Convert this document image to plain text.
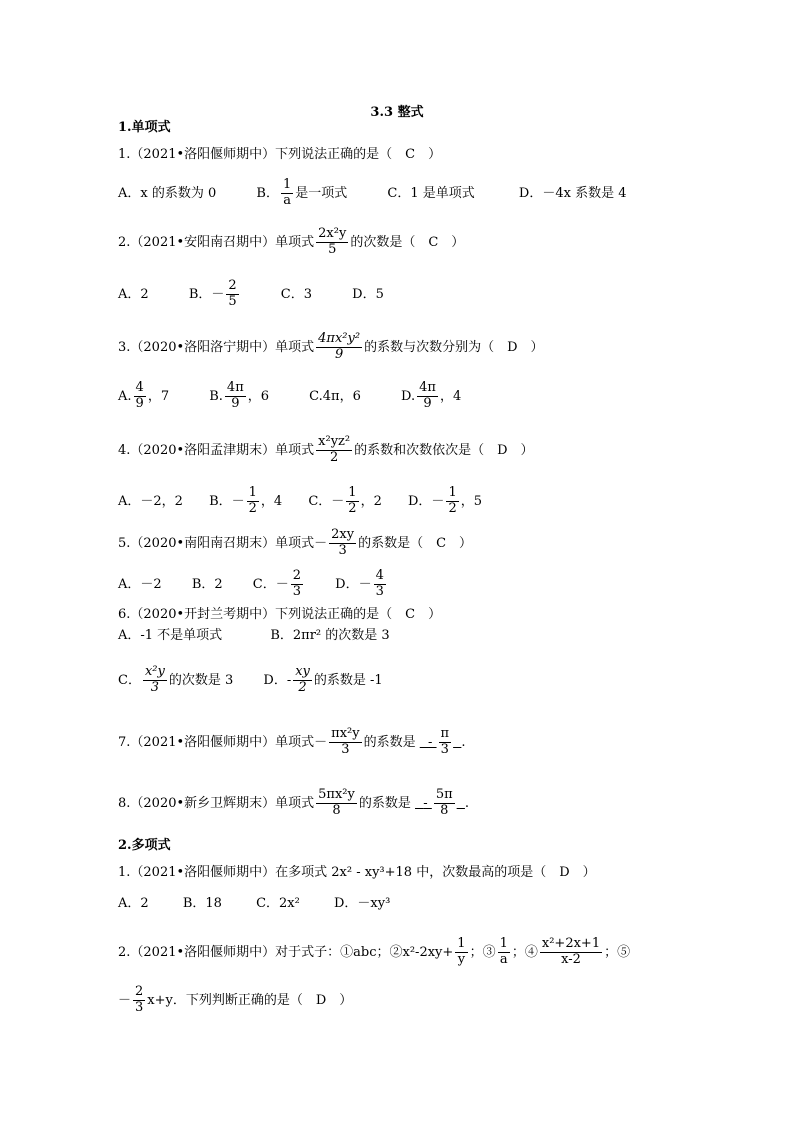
3.3 整式
1.单项式
1.（2021•洛阳偃师期中）下列说法正确的是（　C　）
A．x 的系数为 0	B． $\frac{1}{a}$ 是一项式	C．1 是单项式	D．－4x 系数是 4
2.（2021•安阳南召期中）单项式 $\frac{\text{2x²y}}{5}$ 的次数是（　C　）
A．2	B．－ $\frac{2}{5}$	C．3	D．5
3.（2020•洛阳洛宁期中）单项式 $\frac{\text{4πx²y²}}{9}$ 的系数与次数分别为（　D　）
A. $\frac{4}{9}$ ，7	B. $\frac{4\pi}{9}$ ，6	C.4π，6	D. $\frac{4\pi}{9}$ ，4
4.（2020•洛阳孟津期末）单项式 $\frac{\text{x²yz²}}{2}$ 的系数和次数依次是（　D　）
A．－2，2 B．－ $\frac{1}{2}$ ，4 C．－ $\frac{1}{2}$ ，2 D．－ $\frac{1}{2}$ ，5
5.（2020•南阳南召期末）单项式－ $\frac{2xy}{3}$ 的系数是（　C　）
A．－2 B．2 C．－ $\frac{2}{3}$ D．－ $\frac{4}{3}$
6.（2020•开封兰考期中）下列说法正确的是（　C　）
A．-1 不是单项式	B．2πr² 的次数是 3
C． $\frac{\text{x²y}}{3}$ 的次数是 3 D．- $\frac{xy}{2}$ 的系数是 -1
7.（2021•洛阳偃师期中）单项式－ $\frac{\text{πx²y}}{3}$ 的系数是 - $\frac{\pi}{3}$ .
8.（2020•新乡卫辉期末）单项式 $\frac{\text{5πx²y}}{8}$ 的系数是 - $\frac{5\pi}{8}$ .
2.多项式
1.（2021•洛阳偃师期中）在多项式 2x² - xy³+18 中，次数最高的项是（　D　）
A．2	B．18	C．2x²	D．－xy³
2.（2021•洛阳偃师期中）对于式子：①abc；②x²-2xy+ $\frac{1}{y}$ ；③ $\frac{1}{a}$ ；④ $\frac{\text{x²+2x+1}}{x-2}$ ；⑤
－ $\frac{2}{3} x+y$．下列判断正确的是（　D　）
